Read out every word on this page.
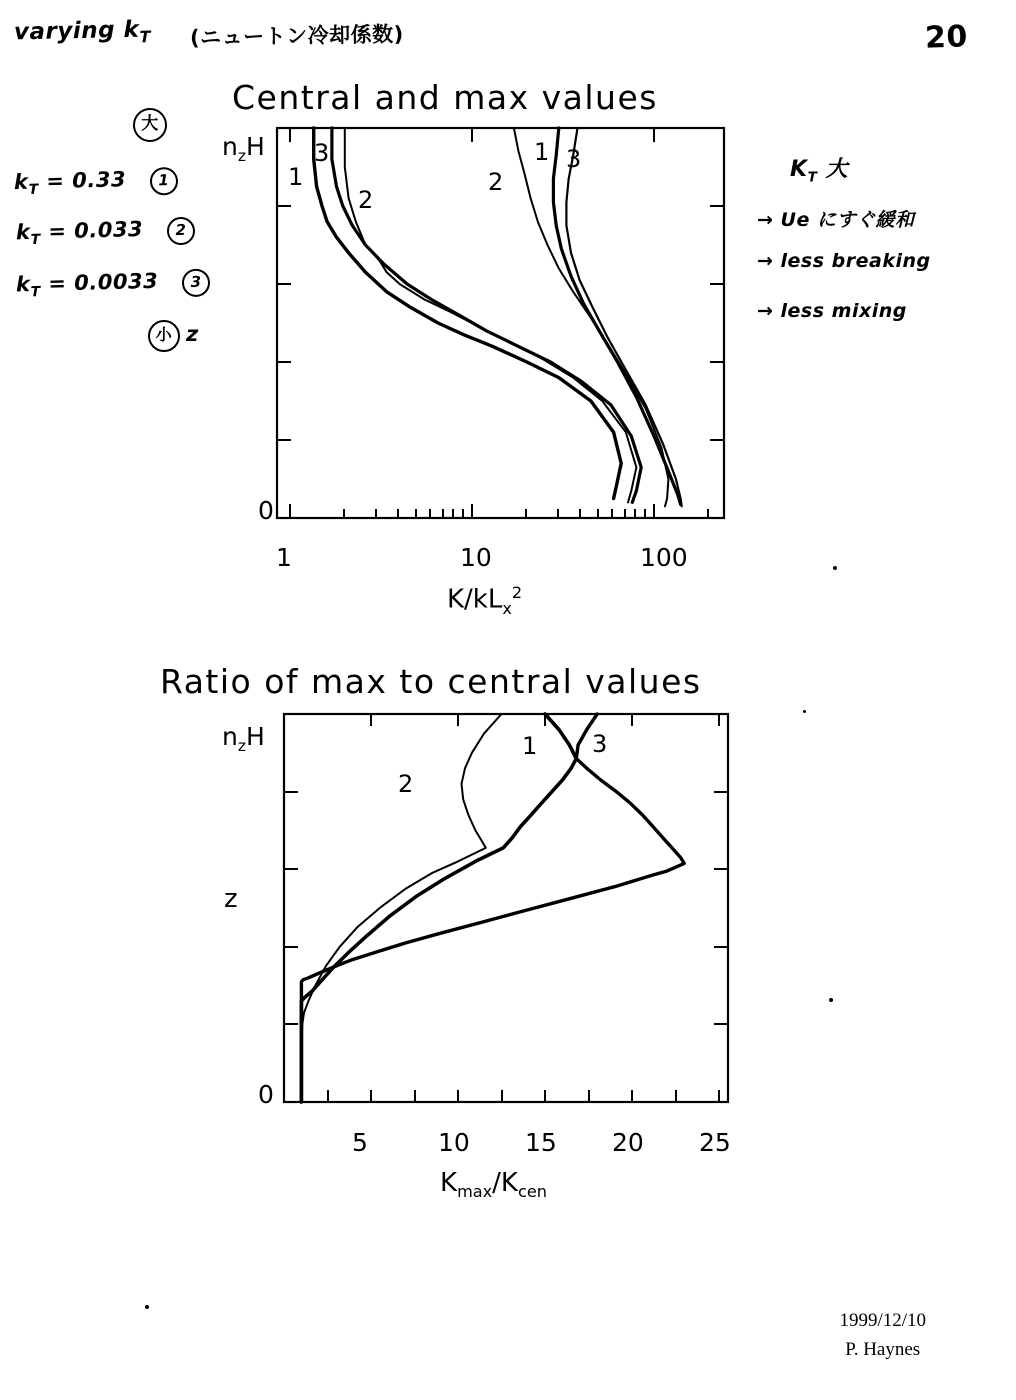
varying $k_T$ (ニュートン冷却係数)	20
大
$k_T = 0.33$ 1
$k_T = 0.033$ 2
$k_T = 0.0033$ 3
小 z
$K_T$ 大
→ Ue にすぐ緩和
→ less breaking
→ less mixing
Central and max values
$n_zH$
0
1	10	100
$K/kL_x^2$
1
3
2
2
1 3
Ratio of max to central values
$n_zH$
0
z
5	10 15 20 25
$K_{max}/K_{cen}$
2
1 3
1999/12/10
P. Haynes
